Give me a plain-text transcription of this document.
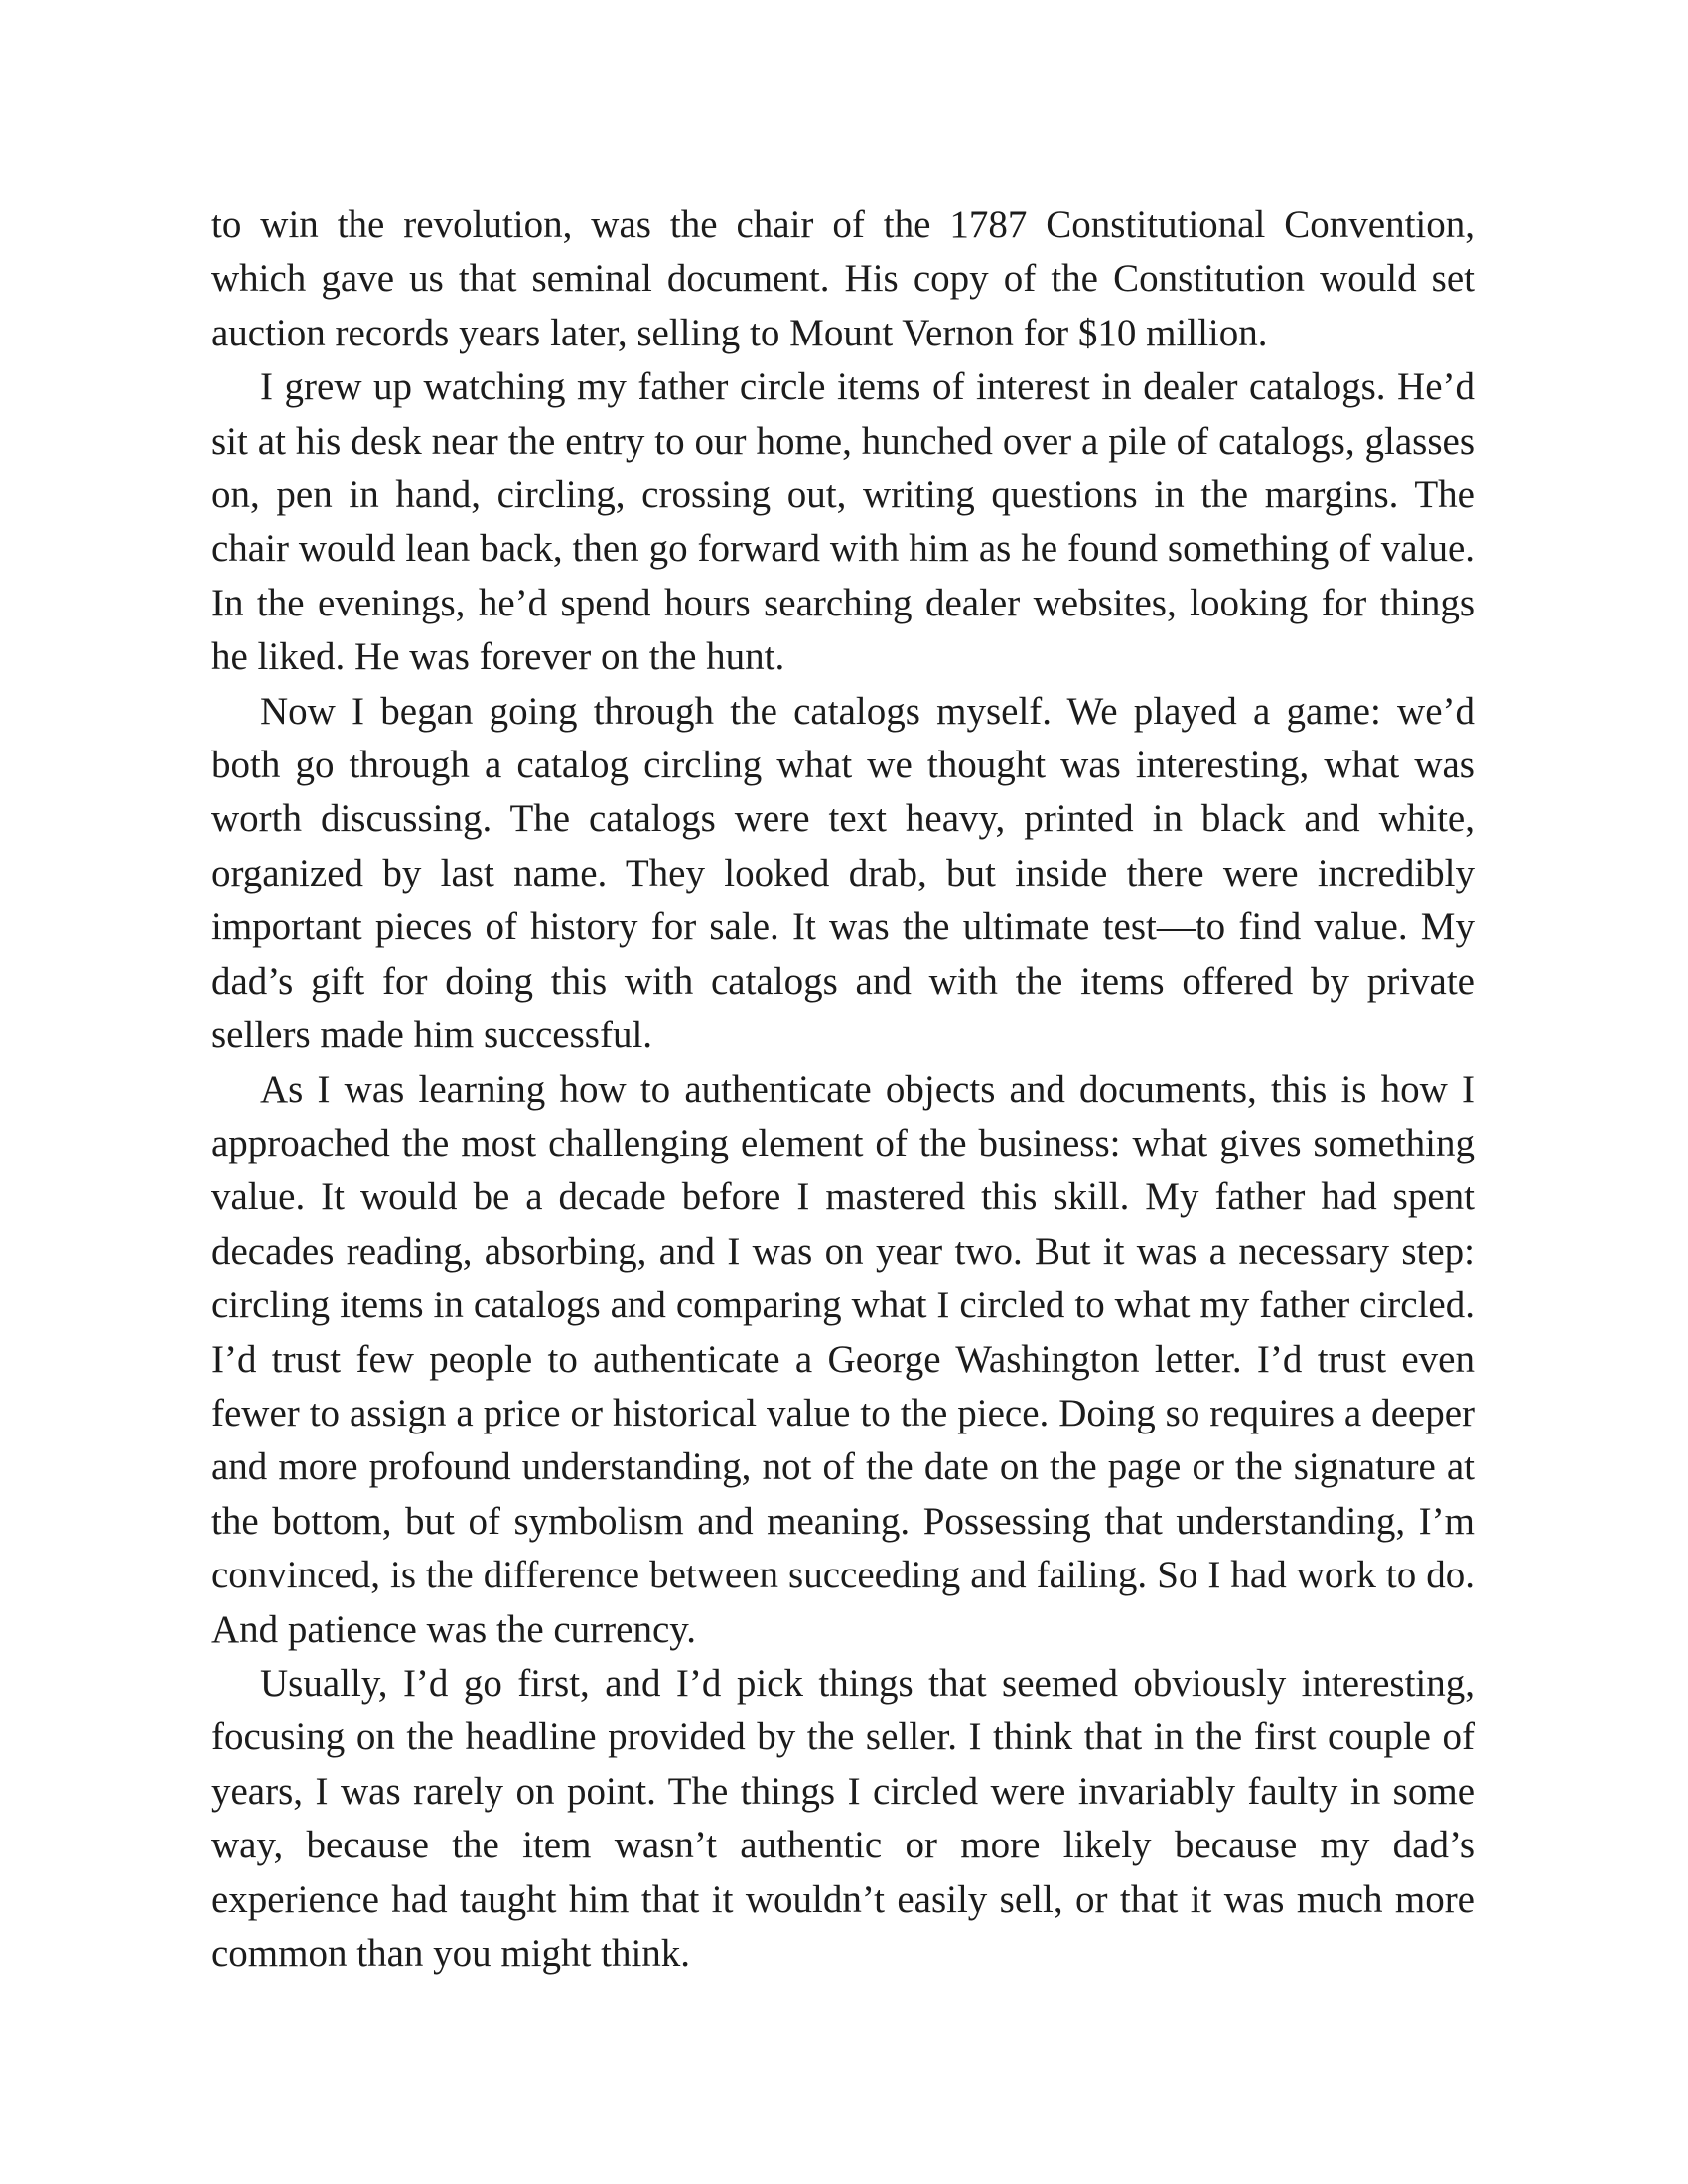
to win the revolution, was the chair of the 1787 Constitutional Convention, which gave us that seminal document. His copy of the Constitution would set auction records years later, selling to Mount Vernon for $10 million.

I grew up watching my father circle items of interest in dealer catalogs. He’d sit at his desk near the entry to our home, hunched over a pile of catalogs, glasses on, pen in hand, circling, crossing out, writing questions in the margins. The chair would lean back, then go forward with him as he found something of value. In the evenings, he’d spend hours searching dealer websites, looking for things he liked. He was forever on the hunt.

Now I began going through the catalogs myself. We played a game: we’d both go through a catalog circling what we thought was interesting, what was worth discussing. The catalogs were text heavy, printed in black and white, organized by last name. They looked drab, but inside there were incredibly important pieces of history for sale. It was the ultimate test—to find value. My dad’s gift for doing this with catalogs and with the items offered by private sellers made him successful.

As I was learning how to authenticate objects and documents, this is how I approached the most challenging element of the business: what gives something value. It would be a decade before I mastered this skill. My father had spent decades reading, absorbing, and I was on year two. But it was a necessary step: circling items in catalogs and comparing what I circled to what my father circled. I’d trust few people to authenticate a George Washington letter. I’d trust even fewer to assign a price or historical value to the piece. Doing so requires a deeper and more profound understanding, not of the date on the page or the signature at the bottom, but of symbolism and meaning. Possessing that understanding, I’m convinced, is the difference between succeeding and failing. So I had work to do. And patience was the currency.

Usually, I’d go first, and I’d pick things that seemed obviously interesting, focusing on the headline provided by the seller. I think that in the first couple of years, I was rarely on point. The things I circled were invariably faulty in some way, because the item wasn’t authentic or more likely because my dad’s experience had taught him that it wouldn’t easily sell, or that it was much more common than you might think.
